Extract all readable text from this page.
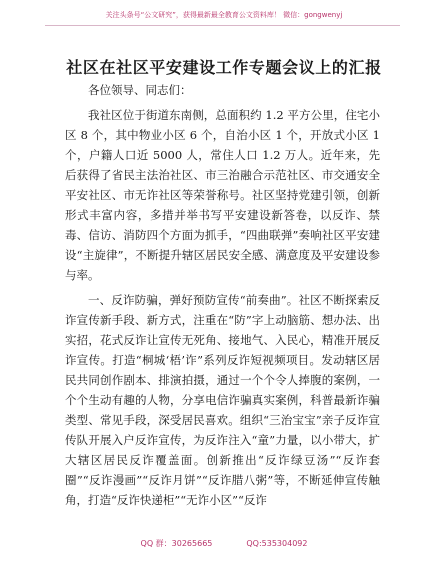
关注头条号“公文研究”，获得最新最全教育公文资料库！ 微信：gongwenyj
社区在社区平安建设工作专题会议上的汇报

各位领导、同志们：

我社区位于街道东南侧，总面积约 1.2 平方公里，住宅小区 8 个，其中物业小区 6 个，自治小区 1 个，开放式小区 1 个，户籍人口近 5000 人，常住人口 1.2 万人。近年来，先后获得了省民主法治社区、市三治融合示范社区、市交通安全平安社区、市无诈社区等荣誉称号。社区坚持党建引领，创新形式丰富内容，多措并举书写平安建设新答卷，以反诈、禁毒、信访、消防四个方面为抓手，“四曲联弹”奏响社区平安建设“主旋律”，不断提升辖区居民安全感、满意度及平安建设参与率。

一、反诈防骗，弹好预防宣传“前奏曲”。社区不断探索反诈宣传新手段、新方式，注重在“防”字上动脑筋、想办法、出实招，花式反诈让宣传无死角、接地气、入民心，精准开展反诈宣传。打造“桐城‘梧’诈”系列反诈短视频项目。发动辖区居民共同创作剧本、排演拍摄，通过一个个令人捧腹的案例，一个个生动有趣的人物，分享电信诈骗真实案例，科普最新诈骗类型、常见手段，深受居民喜欢。组织“三治宝宝”亲子反诈宣传队开展入户反诈宣传，为反诈注入“童”力量，以小带大，扩大辖区居民反诈覆盖面。创新推出“反诈绿豆汤”“反诈套圈”“反诈漫画”“反诈月饼”“反诈腊八粥”等，不断延伸宣传触角，打造“反诈快递柜”“无诈小区”“反诈

QQ 群：30265665	QQ:535304092
